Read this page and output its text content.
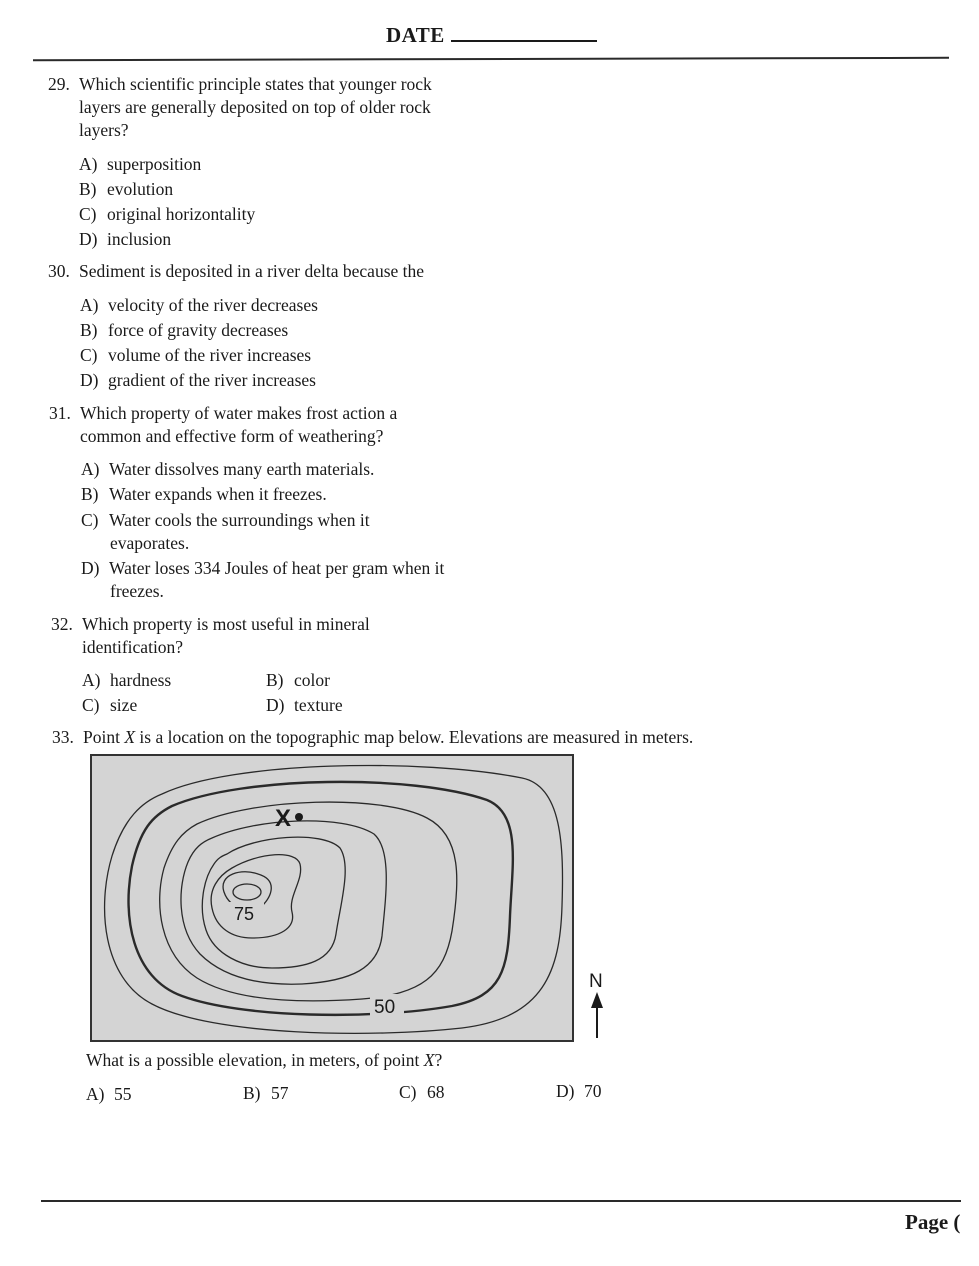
DATE
29. Which scientific principle states that younger rock
layers are generally deposited on top of older rock
layers?
A) superposition
B) evolution
C) original horizontality
D) inclusion
30. Sediment is deposited in a river delta because the
A) velocity of the river decreases
B) force of gravity decreases
C) volume of the river increases
D) gradient of the river increases
31. Which property of water makes frost action a
common and effective form of weathering?
A) Water dissolves many earth materials.
B) Water expands when it freezes.
C) Water cools the surroundings when it
evaporates.
D) Water loses 334 Joules of heat per gram when it
freezes.
32. Which property is most useful in mineral
identification?
A) hardness	B) color
C) size	D) texture
33. Point X is a location on the topographic map below. Elevations are measured in meters.
75
50
X
N
What is a possible elevation, in meters, of point X?
A) 55	B) 57	C) 68	D) 70
Page (
